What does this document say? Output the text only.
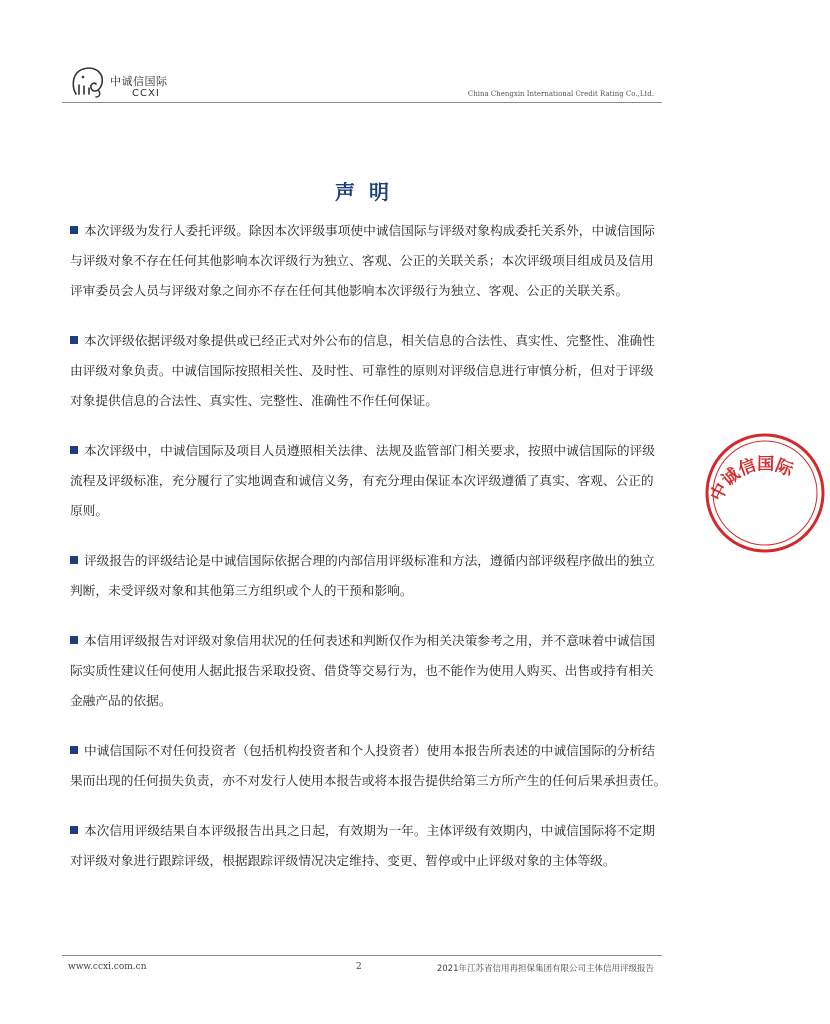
中诚信国际
CCXI	China Chengxin International Credit Rating Co.,Ltd.
声明

本次评级为发行人委托评级。除因本次评级事项使中诚信国际与评级对象构成委托关系外，中诚信国际
与评级对象不存在任何其他影响本次评级行为独立、客观、公正的关联关系；本次评级项目组成员及信用
评审委员会人员与评级对象之间亦不存在任何其他影响本次评级行为独立、客观、公正的关联关系。

本次评级依据评级对象提供或已经正式对外公布的信息，相关信息的合法性、真实性、完整性、准确性
由评级对象负责。中诚信国际按照相关性、及时性、可靠性的原则对评级信息进行审慎分析，但对于评级
对象提供信息的合法性、真实性、完整性、准确性不作任何保证。

本次评级中，中诚信国际及项目人员遵照相关法律、法规及监管部门相关要求，按照中诚信国际的评级
流程及评级标准，充分履行了实地调查和诚信义务，有充分理由保证本次评级遵循了真实、客观、公正的
原则。

评级报告的评级结论是中诚信国际依据合理的内部信用评级标准和方法，遵循内部评级程序做出的独立
判断，未受评级对象和其他第三方组织或个人的干预和影响。

本信用评级报告对评级对象信用状况的任何表述和判断仅作为相关决策参考之用，并不意味着中诚信国
际实质性建议任何使用人据此报告采取投资、借贷等交易行为，也不能作为使用人购买、出售或持有相关
金融产品的依据。

中诚信国际不对任何投资者（包括机构投资者和个人投资者）使用本报告所表述的中诚信国际的分析结
果而出现的任何损失负责，亦不对发行人使用本报告或将本报告提供给第三方所产生的任何后果承担责任。

本次信用评级结果自本评级报告出具之日起，有效期为一年。主体评级有效期内，中诚信国际将不定期
对评级对象进行跟踪评级，根据跟踪评级情况决定维持、变更、暂停或中止评级对象的主体等级。

中诚信国际
www.ccxi.com.cn	2	2021年江苏省信用再担保集团有限公司主体信用评级报告
